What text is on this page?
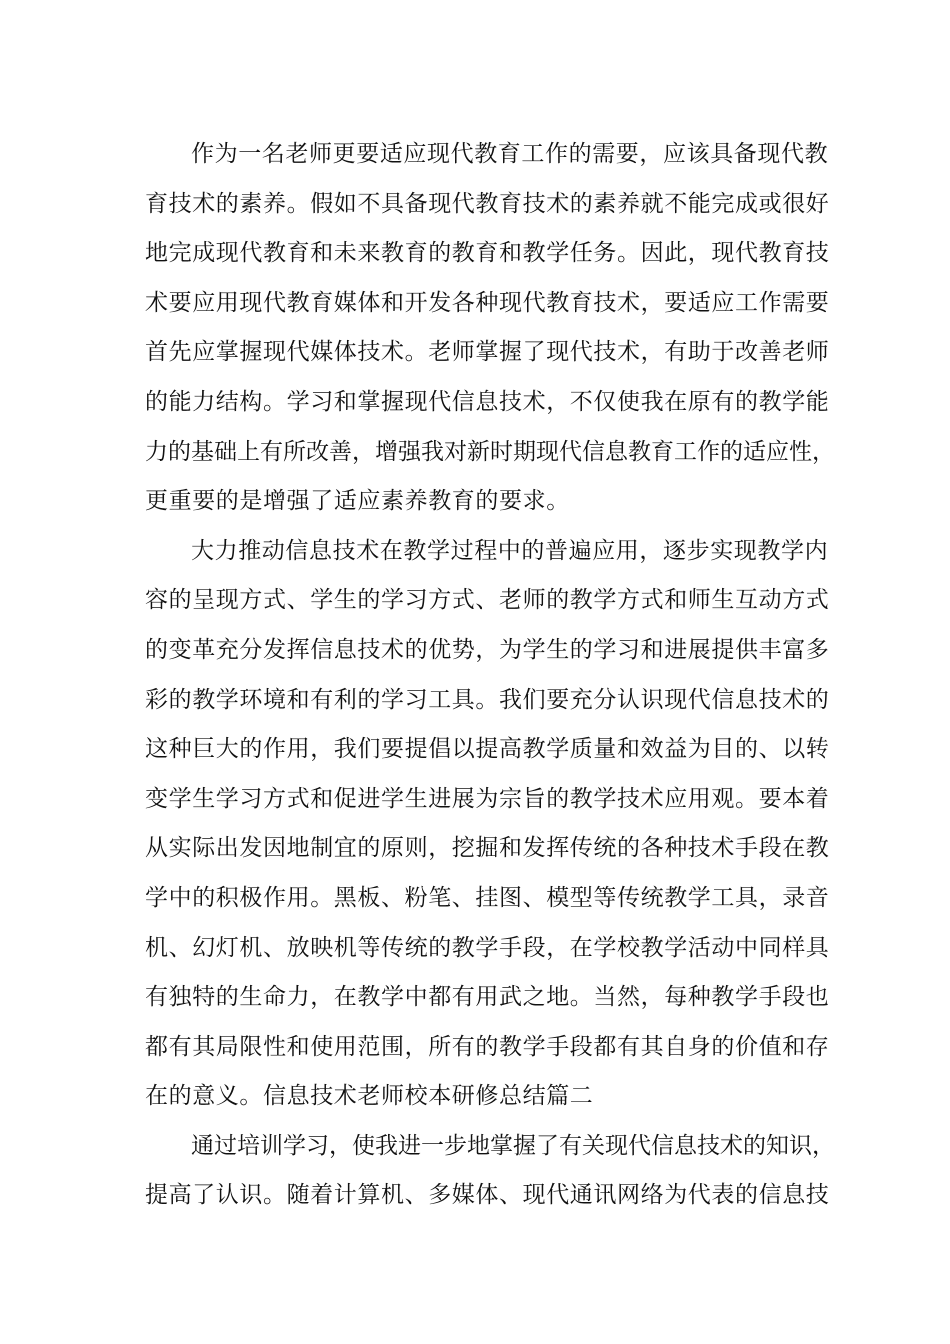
作为一名老师更要适应现代教育工作的需要，应该具备现代教
育技术的素养。假如不具备现代教育技术的素养就不能完成或很好
地完成现代教育和未来教育的教育和教学任务。因此，现代教育技
术要应用现代教育媒体和开发各种现代教育技术，要适应工作需要
首先应掌握现代媒体技术。老师掌握了现代技术，有助于改善老师
的能力结构。学习和掌握现代信息技术，不仅使我在原有的教学能
力的基础上有所改善，增强我对新时期现代信息教育工作的适应性，
更重要的是增强了适应素养教育的要求。

大力推动信息技术在教学过程中的普遍应用，逐步实现教学内
容的呈现方式、学生的学习方式、老师的教学方式和师生互动方式
的变革充分发挥信息技术的优势，为学生的学习和进展提供丰富多
彩的教学环境和有利的学习工具。我们要充分认识现代信息技术的
这种巨大的作用，我们要提倡以提高教学质量和效益为目的、以转
变学生学习方式和促进学生进展为宗旨的教学技术应用观。要本着
从实际出发因地制宜的原则，挖掘和发挥传统的各种技术手段在教
学中的积极作用。黑板、粉笔、挂图、模型等传统教学工具，录音
机、幻灯机、放映机等传统的教学手段，在学校教学活动中同样具
有独特的生命力，在教学中都有用武之地。当然，每种教学手段也
都有其局限性和使用范围，所有的教学手段都有其自身的价值和存
在的意义。信息技术老师校本研修总结篇二

通过培训学习，使我进一步地掌握了有关现代信息技术的知识，
提高了认识。随着计算机、多媒体、现代通讯网络为代表的信息技
